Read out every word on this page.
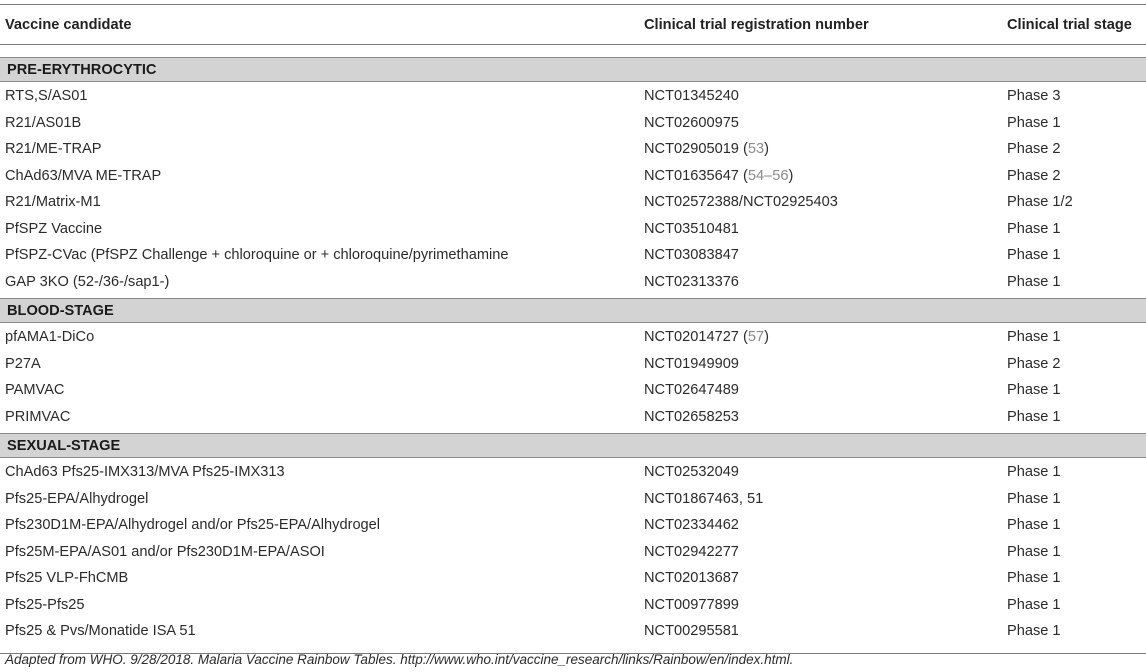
Vaccine candidate	Clinical trial registration number	Clinical trial stage
PRE-ERYTHROCYTIC
RTS,S/AS01	NCT01345240	Phase 3
R21/AS01B	NCT02600975	Phase 1
R21/ME-TRAP	NCT02905019 (53)	Phase 2
ChAd63/MVA ME-TRAP	NCT01635647 (54–56)	Phase 2
R21/Matrix-M1	NCT02572388/NCT02925403	Phase 1/2
PfSPZ Vaccine	NCT03510481	Phase 1
PfSPZ-CVac (PfSPZ Challenge + chloroquine or + chloroquine/pyrimethamine	NCT03083847	Phase 1
GAP 3KO (52-/36-/sap1-)	NCT02313376	Phase 1
BLOOD-STAGE
pfAMA1-DiCo	NCT02014727 (57)	Phase 1
P27A	NCT01949909	Phase 2
PAMVAC	NCT02647489	Phase 1
PRIMVAC	NCT02658253	Phase 1
SEXUAL-STAGE
ChAd63 Pfs25-IMX313/MVA Pfs25-IMX313	NCT02532049	Phase 1
Pfs25-EPA/Alhydrogel	NCT01867463, 51	Phase 1
Pfs230D1M-EPA/Alhydrogel and/or Pfs25-EPA/Alhydrogel	NCT02334462	Phase 1
Pfs25M-EPA/AS01 and/or Pfs230D1M-EPA/ASOI	NCT02942277	Phase 1
Pfs25 VLP-FhCMB	NCT02013687	Phase 1
Pfs25-Pfs25	NCT00977899	Phase 1
Pfs25 & Pvs/Monatide ISA 51	NCT00295581	Phase 1
Adapted from WHO. 9/28/2018. Malaria Vaccine Rainbow Tables. http://www.who.int/vaccine_research/links/Rainbow/en/index.html.
